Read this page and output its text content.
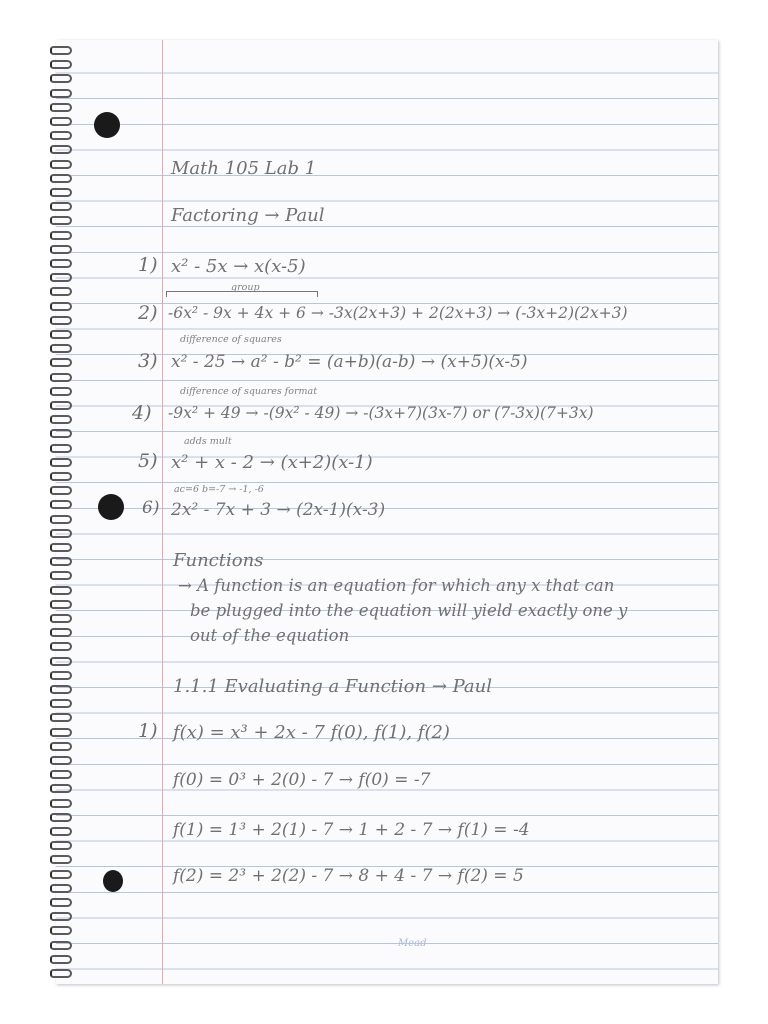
Math 105 Lab 1
Factoring → Paul
1) x² - 5x → x(x-5)
group
2) -6x² - 9x + 4x + 6 → -3x(2x+3) + 2(2x+3) → (-3x+2)(2x+3)
difference of squares
3) x² - 25 → a² - b² = (a+b)(a-b) → (x+5)(x-5)
difference of squares format
4) -9x² + 49 → -(9x² - 49) → -(3x+7)(3x-7) or (7-3x)(7+3x)
adds mult
5) x² + x - 2 → (x+2)(x-1)
ac=6 b=-7 → -1, -6
6) 2x² - 7x + 3 → (2x-1)(x-3)
Functions
→ A function is an equation for which any x that can
be plugged into the equation will yield exactly one y
out of the equation
1.1.1 Evaluating a Function → Paul
1) f(x) = x³ + 2x - 7 f(0), f(1), f(2)
f(0) = 0³ + 2(0) - 7 → f(0) = -7
f(1) = 1³ + 2(1) - 7 → 1 + 2 - 7 → f(1) = -4
f(2) = 2³ + 2(2) - 7 → 8 + 4 - 7 → f(2) = 5
Mead
